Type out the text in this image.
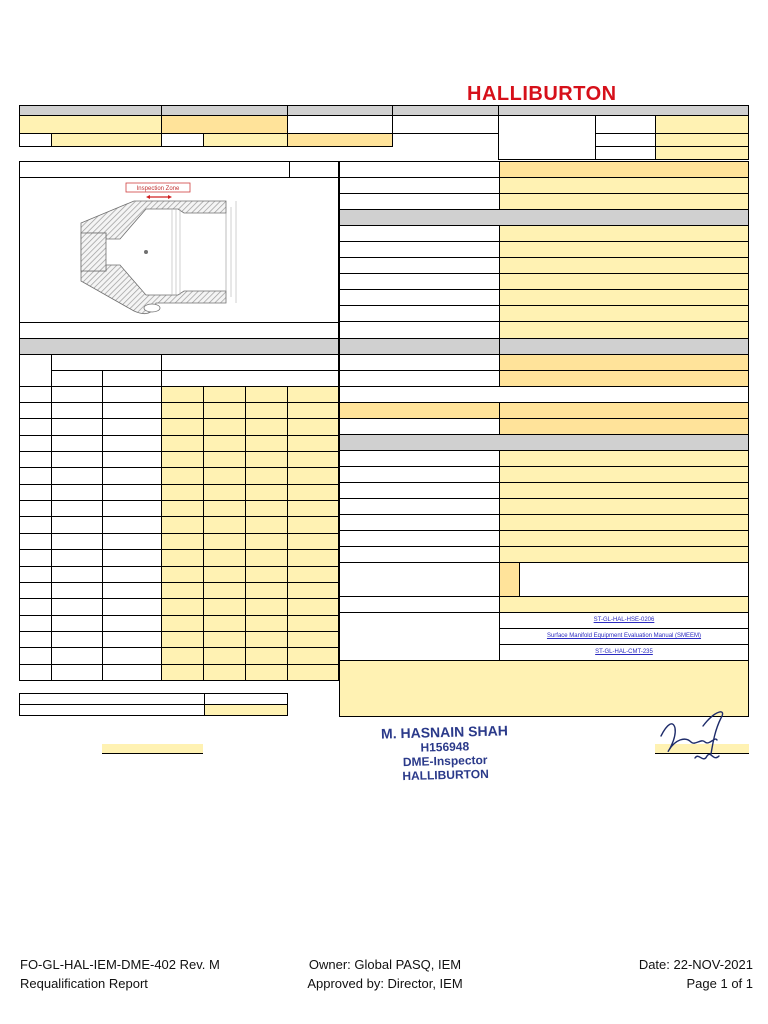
HALLIBURTON
Inspection Zone
ST-GL-HAL-HSE-0206
Surface Manifold Equipment Evaluation Manual (SMEEM)
ST-GL-HAL-CMT-235
M. HASNAIN SHAH
H156948
DME-Inspector
HALLIBURTON
FO-GL-HAL-IEM-DME-402 Rev. M
Requalification Report
Owner: Global PASQ, IEM
Approved by: Director, IEM
Date: 22-NOV-2021
Page 1 of 1
